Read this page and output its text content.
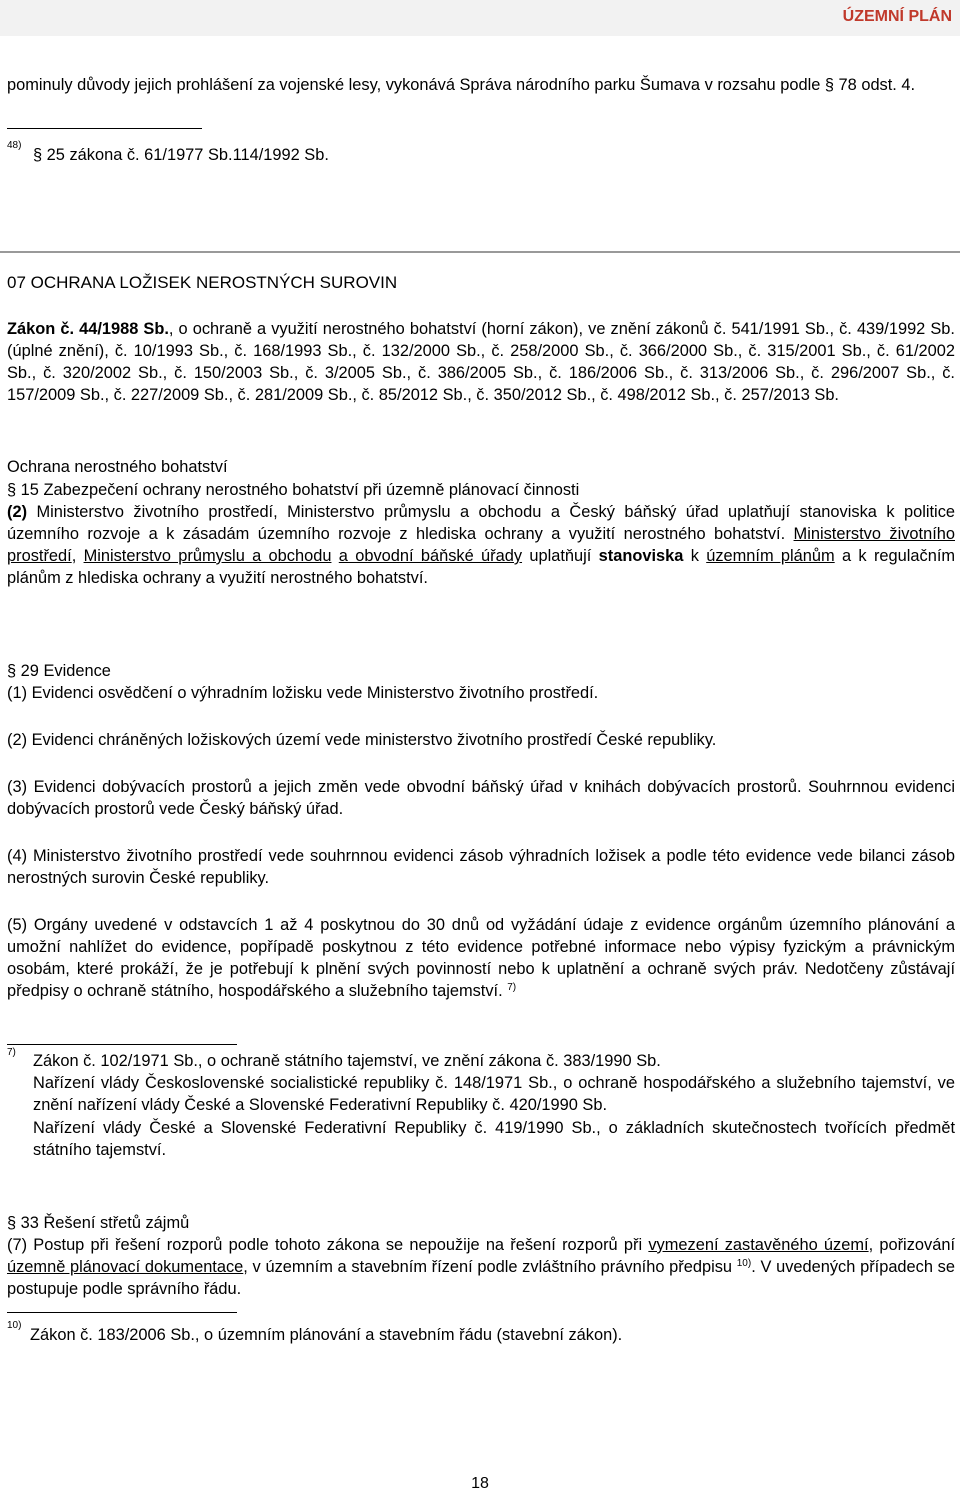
ÚZEMNÍ PLÁN

pominuly důvody jejich prohlášení za vojenské lesy, vykonává Správa národního parku Šumava v rozsahu podle § 78 odst. 4.

48)

§ 25 zákona č. 61/1977 Sb.114/1992 Sb.

07 OCHRANA LOŽISEK NEROSTNÝCH SUROVIN

Zákon č. 44/1988 Sb., o ochraně a využití nerostného bohatství (horní zákon), ve znění zákonů č. 541/1991 Sb., č. 439/1992 Sb. (úplné znění), č. 10/1993 Sb., č. 168/1993 Sb., č. 132/2000 Sb., č. 258/2000 Sb., č. 366/2000 Sb., č. 315/2001 Sb., č. 61/2002 Sb., č. 320/2002 Sb., č. 150/2003 Sb., č. 3/2005 Sb., č. 386/2005 Sb., č. 186/2006 Sb., č. 313/2006 Sb., č. 296/2007 Sb., č. 157/2009 Sb., č. 227/2009 Sb., č. 281/2009 Sb., č. 85/2012 Sb., č. 350/2012 Sb., č. 498/2012 Sb., č. 257/2013 Sb.

Ochrana nerostného bohatství

§ 15 Zabezpečení ochrany nerostného bohatství při územně plánovací činnosti

(2) Ministerstvo životního prostředí, Ministerstvo průmyslu a obchodu a Český báňský úřad uplatňují stanoviska k politice územního rozvoje a k zásadám územního rozvoje z hlediska ochrany a využití nerostného bohatství. Ministerstvo životního prostředí, Ministerstvo průmyslu a obchodu a obvodní báňské úřady uplatňují stanoviska k územním plánům a k regulačním plánům z hlediska ochrany a využití nerostného bohatství.

§ 29 Evidence

(1) Evidenci osvědčení o výhradním ložisku vede Ministerstvo životního prostředí.

(2) Evidenci chráněných ložiskových území vede ministerstvo životního prostředí České republiky.

(3) Evidenci dobývacích prostorů a jejich změn vede obvodní báňský úřad v knihách dobývacích prostorů. Souhrnnou evidenci dobývacích prostorů vede Český báňský úřad.

(4) Ministerstvo životního prostředí vede souhrnnou evidenci zásob výhradních ložisek a podle této evidence vede bilanci zásob nerostných surovin České republiky.

(5) Orgány uvedené v odstavcích 1 až 4 poskytnou do 30 dnů od vyžádání údaje z evidence orgánům územního plánování a umožní nahlížet do evidence, popřípadě poskytnou z této evidence potřebné informace nebo výpisy fyzickým a právnickým osobám, které prokáží, že je potřebují k plnění svých povinností nebo k uplatnění a ochraně svých práv. Nedotčeny zůstávají předpisy o ochraně státního, hospodářského a služebního tajemství. $^{7)}$

7) Zákon č. 102/1971 Sb., o ochraně státního tajemství, ve znění zákona č. 383/1990 Sb.

Nařízení vlády Československé socialistické republiky č. 148/1971 Sb., o ochraně hospodářského a služebního tajemství, ve znění nařízení vlády České a Slovenské Federativní Republiky č. 420/1990 Sb.

Nařízení vlády České a Slovenské Federativní Republiky č. 419/1990 Sb., o základních skutečnostech tvořících předmět státního tajemství.

§ 33 Řešení střetů zájmů

(7) Postup při řešení rozporů podle tohoto zákona se nepoužije na řešení rozporů při vymezení zastavěného území, pořizování územně plánovací dokumentace, v územním a stavebním řízení podle zvláštního právního předpisu $^{10)}$. V uvedených případech se postupuje podle správního řádu.

10)

Zákon č. 183/2006 Sb., o územním plánování a stavebním řádu (stavební zákon).

18
